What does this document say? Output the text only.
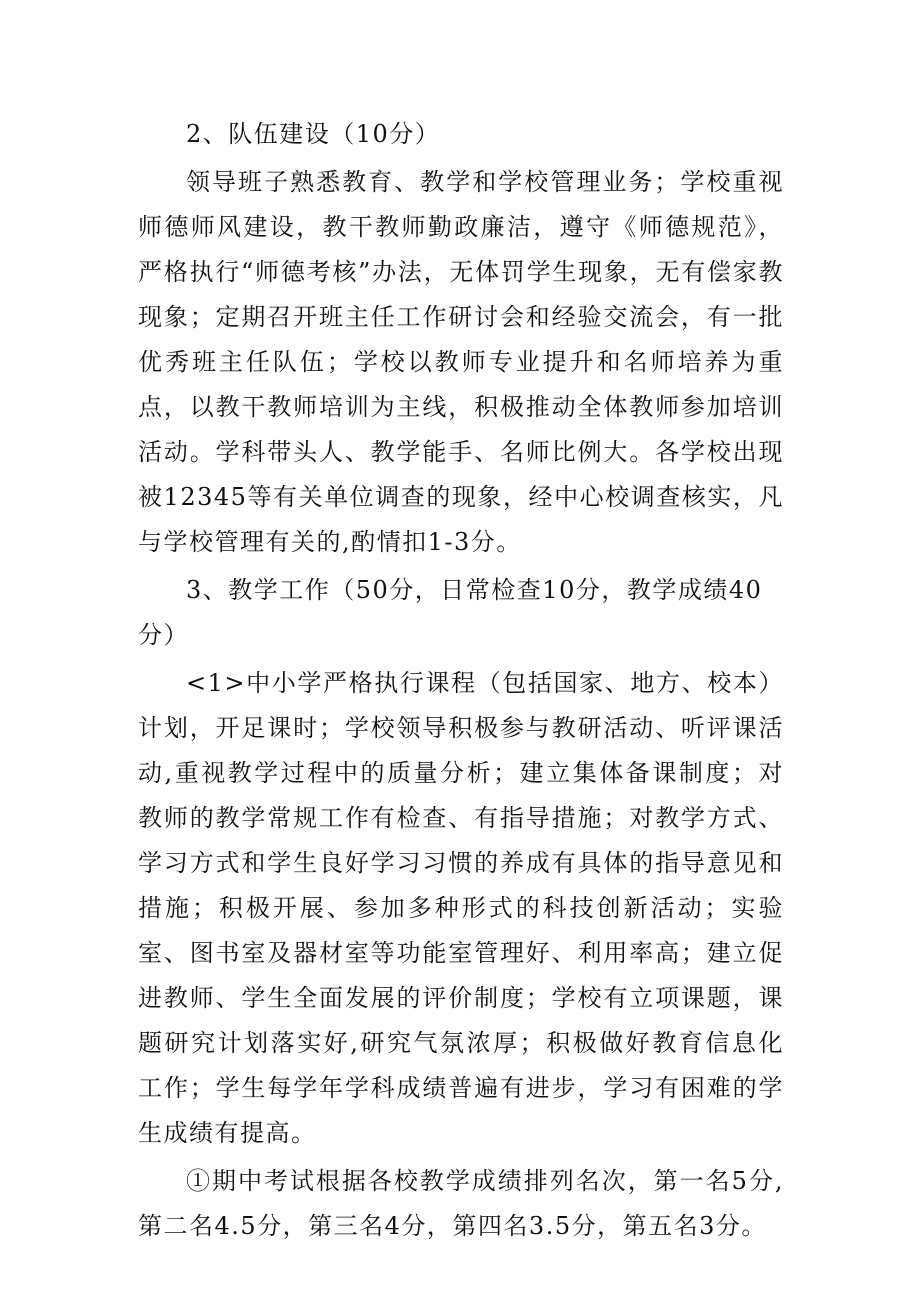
2、队伍建设（10分）

领导班子熟悉教育、教学和学校管理业务；学校重视师德师风建设，教干教师勤政廉洁，遵守《师德规范》，严格执行“师德考核”办法，无体罚学生现象，无有偿家教现象；定期召开班主任工作研讨会和经验交流会，有一批优秀班主任队伍；学校以教师专业提升和名师培养为重点，以教干教师培训为主线，积极推动全体教师参加培训活动。学科带头人、教学能手、名师比例大。各学校出现被12345等有关单位调查的现象，经中心校调查核实，凡与学校管理有关的,酌情扣1-3分。

3、教学工作（50分，日常检查10分，教学成绩40分）

<1>中小学严格执行课程（包括国家、地方、校本）计划，开足课时；学校领导积极参与教研活动、听评课活动,重视教学过程中的质量分析；建立集体备课制度；对教师的教学常规工作有检查、有指导措施；对教学方式、学习方式和学生良好学习习惯的养成有具体的指导意见和措施；积极开展、参加多种形式的科技创新活动；实验室、图书室及器材室等功能室管理好、利用率高；建立促进教师、学生全面发展的评价制度；学校有立项课题，课题研究计划落实好,研究气氛浓厚；积极做好教育信息化工作；学生每学年学科成绩普遍有进步，学习有困难的学生成绩有提高。

①期中考试根据各校教学成绩排列名次，第一名5分,第二名4.5分，第三名4分，第四名3.5分，第五名3分。
